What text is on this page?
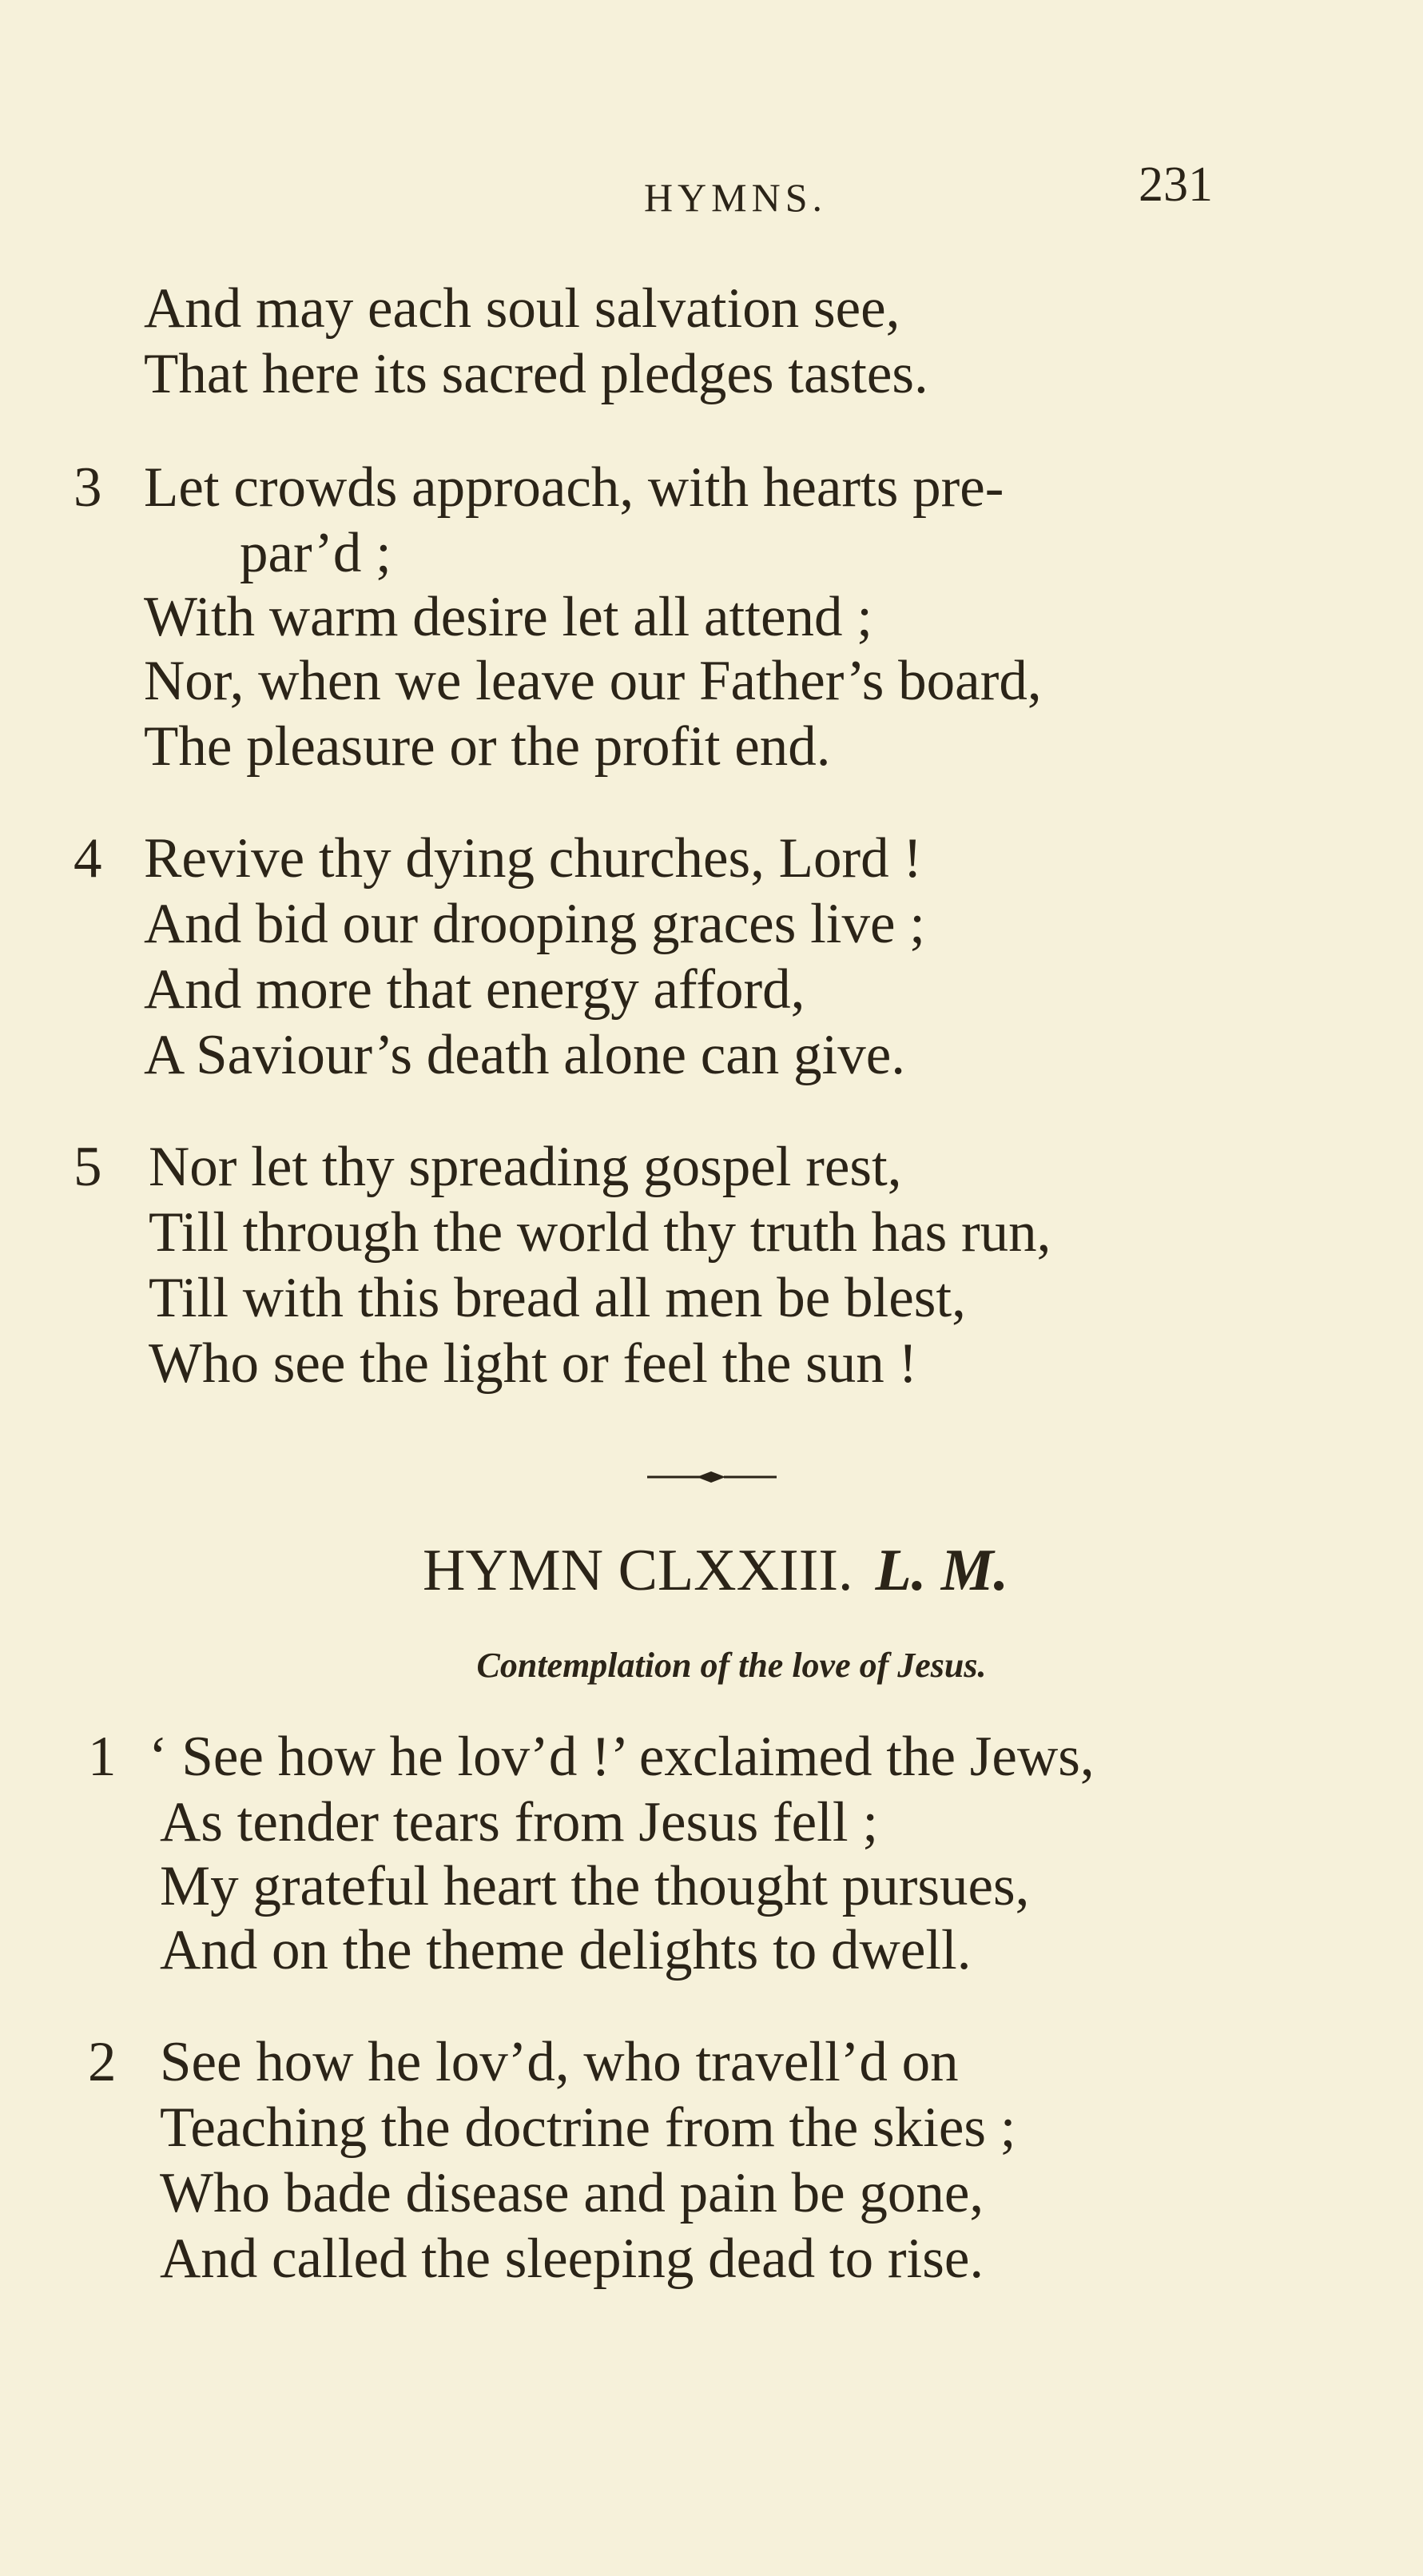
HYMNS.	231
And may each soul salvation see,
That here its sacred pledges tastes.
3 Let crowds approach, with hearts pre-
par’d ;
With warm desire let all attend ;
Nor, when we leave our Father’s board,
The pleasure or the profit end.
4 Revive thy dying churches, Lord !
And bid our drooping graces live ;
And more that energy afford,
A Saviour’s death alone can give.
5 Nor let thy spreading gospel rest,
Till through the world thy truth has run,
Till with this bread all men be blest,
Who see the light or feel the sun !
HYMN CLXXIII. L. M.
Contemplation of the love of Jesus.
1 ‘ See how he lov’d !’ exclaimed the Jews,
As tender tears from Jesus fell ;
My grateful heart the thought pursues,
And on the theme delights to dwell.
2 See how he lov’d, who travell’d on
Teaching the doctrine from the skies ;
Who bade disease and pain be gone,
And called the sleeping dead to rise.
